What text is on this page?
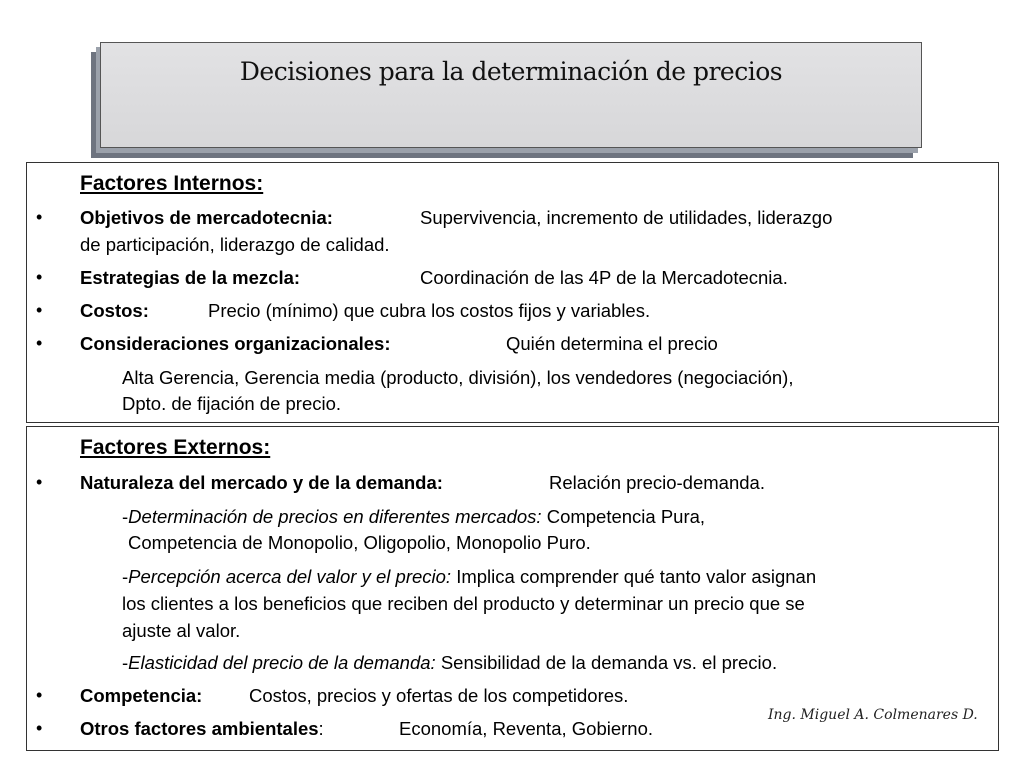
Decisiones para la determinación de precios
Factores Internos:
• Objetivos de mercadotecnia:	Supervivencia, incremento de utilidades, liderazgo
de participación, liderazgo de calidad.
• Estrategias de la mezcla:	Coordinación de las 4P de la Mercadotecnia.
• Costos:	Precio (mínimo) que cubra los costos fijos y variables.
• Consideraciones organizacionales:	Quién determina el precio
Alta Gerencia, Gerencia media (producto, división), los vendedores (negociación),
Dpto. de fijación de precio.
Factores Externos:
• Naturaleza del mercado y de la demanda:	Relación precio-demanda.
-Determinación de precios en diferentes mercados: Competencia Pura,
Competencia de Monopolio, Oligopolio, Monopolio Puro.
-Percepción acerca del valor y el precio: Implica comprender qué tanto valor asignan
los clientes a los beneficios que reciben del producto y determinar un precio que se
ajuste al valor.
-Elasticidad del precio de la demanda: Sensibilidad de la demanda vs. el precio.
• Competencia:	Costos, precios y ofertas de los competidores.
• Otros factores ambientales:	Economía, Reventa, Gobierno.
Ing. Miguel A. Colmenares D.
